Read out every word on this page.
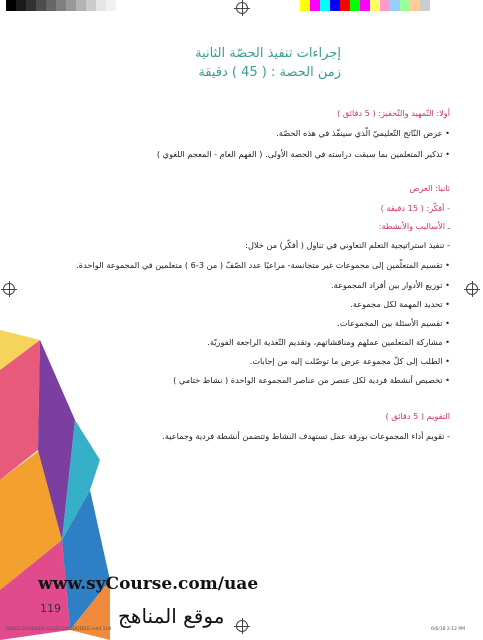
إجراءات تنفيذ الحصّة الثانية
زمن الحصة : ( 45 ) دقيقة
أولا: التّمهيد والتّحفيز: ( 5 دقائق )
• عرض النّاتج التّعليميّ الّذي سينفّذ في هذه الحصّة.
• تذكير المتعلمين بما سبقت دراسته في الحصة الأولى. ( الفهم العام - المعجم اللغوي )
ثانيا: العرض
- أفكّر: ( 15 دقيقة )
ـ الأساليب والأنشطة:
- تنفيذ استراتيجية التعلم التعاوني في تناول ( أفكّر) من خلال:
• تقسيم المتعلّمين إلى مجموعات غير متجانسة- مراعيًا عدد الصّفّ ( من 3-6 ) متعلمين في المجموعة الواحدة.
• توزيع الأدوار بين أفراد المجموعة.
• تحديد المهمة لكل مجموعة.
• تقسيم الأسئلة بين المجموعات.
• مشاركة المتعلمين عملهم ومناقشاتهم، وتقديم التّغذية الراجعة الفوريّة.
• الطلب إلى كلّ مجموعة عرض ما توصّلت إليه من إجابات.
• تخصيص أنشطة فردية لكل عنصر من عناصر المجموعة الواحدة ( نشاط ختامي )
التقويم ( 5 دقائق )
- تقويم أداء المجموعات بورقة عمل تستهدف النشاط وتتضمن أنشطة فردية وجماعية.
www.syCourse.com/uae
119	موقع المناهج
DDDD DDDDDDD DDDD DDDDDDDD.indd 119	6/6/18 2:12 PM
